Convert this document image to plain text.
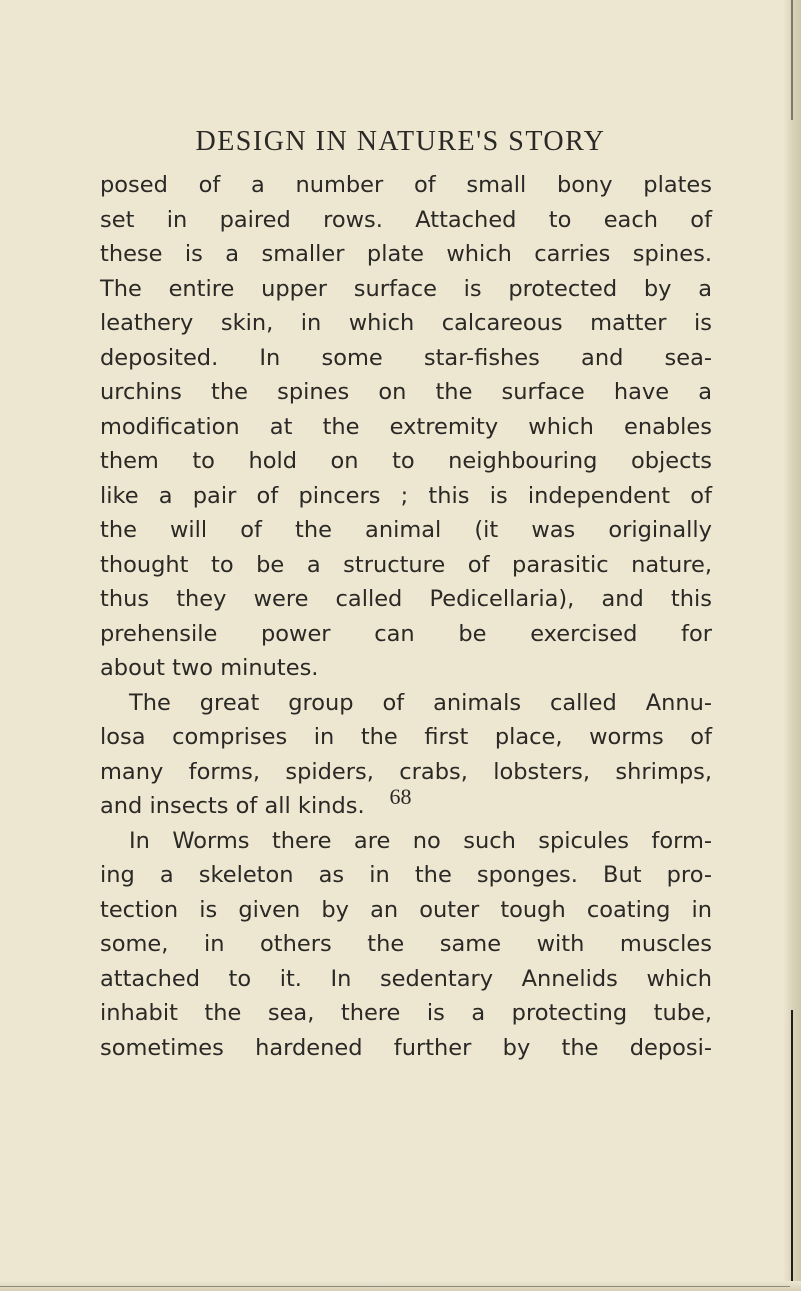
DESIGN IN NATURE'S STORY
posed of a number of small bony plates
set in paired rows. Attached to each of
these is a smaller plate which carries spines.
The entire upper surface is protected by a
leathery skin, in which calcareous matter is
deposited. In some star-fishes and sea-
urchins the spines on the surface have a
modification at the extremity which enables
them to hold on to neighbouring objects
like a pair of pincers ; this is independent of
the will of the animal (it was originally
thought to be a structure of parasitic nature,
thus they were called Pedicellaria), and this
prehensile power can be exercised for
about two minutes.
The great group of animals called Annu-
losa comprises in the first place, worms of
many forms, spiders, crabs, lobsters, shrimps,
and insects of all kinds.
In Worms there are no such spicules form-
ing a skeleton as in the sponges. But pro-
tection is given by an outer tough coating in
some, in others the same with muscles
attached to it. In sedentary Annelids which
inhabit the sea, there is a protecting tube,
sometimes hardened further by the deposi-
68
